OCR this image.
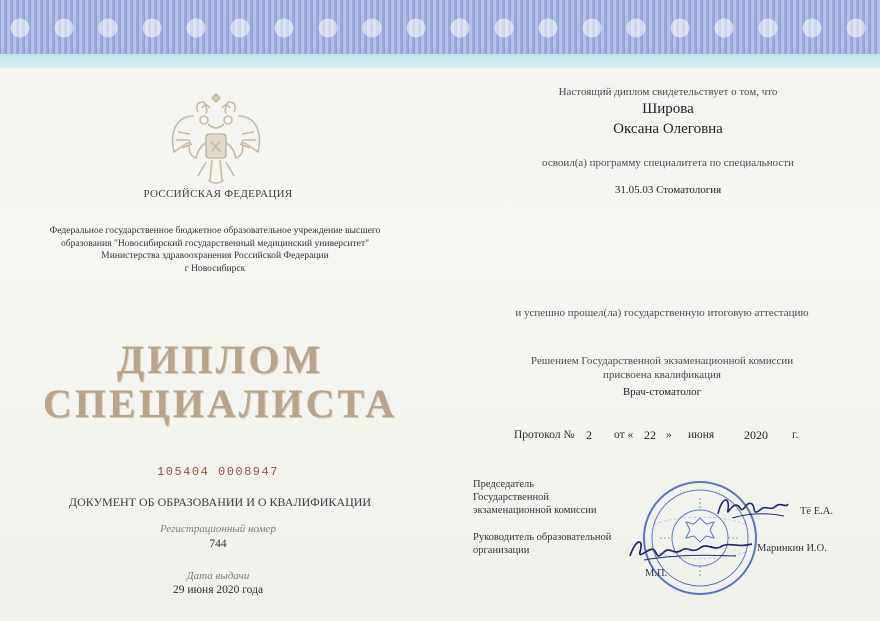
РОССИЙСКАЯ ФЕДЕРАЦИЯ
Федеральное государственное бюджетное образовательное учреждение высшего
образования "Новосибирский государственный медицинский университет"
Министерства здравоохранения Российской Федерации
г Новосибирск
ДИПЛОМ
СПЕЦИАЛИСТА
105404 0008947
ДОКУМЕНТ ОБ ОБРАЗОВАНИИ И О КВАЛИФИКАЦИИ
Регистрационный номер
744
Дата выдачи
29 июня 2020 года
Настоящий диплом свидетельствует о том, что
Широва
Оксана Олеговна
освоил(а) программу специалитета по специальности
31.05.03 Стоматология
и успешно прошел(ла) государственную итоговую аттестацию
Решением Государственной экзаменационной комиссии
присвоена квалификация
Врач-стоматолог
Протокол № 2 от « 22 » июня 2020 г.
Председатель
Государственной
экзаменационной комиссии
Руководитель образовательной
организации
Тё Е.А.
Маринкин И.О.
М.П.
